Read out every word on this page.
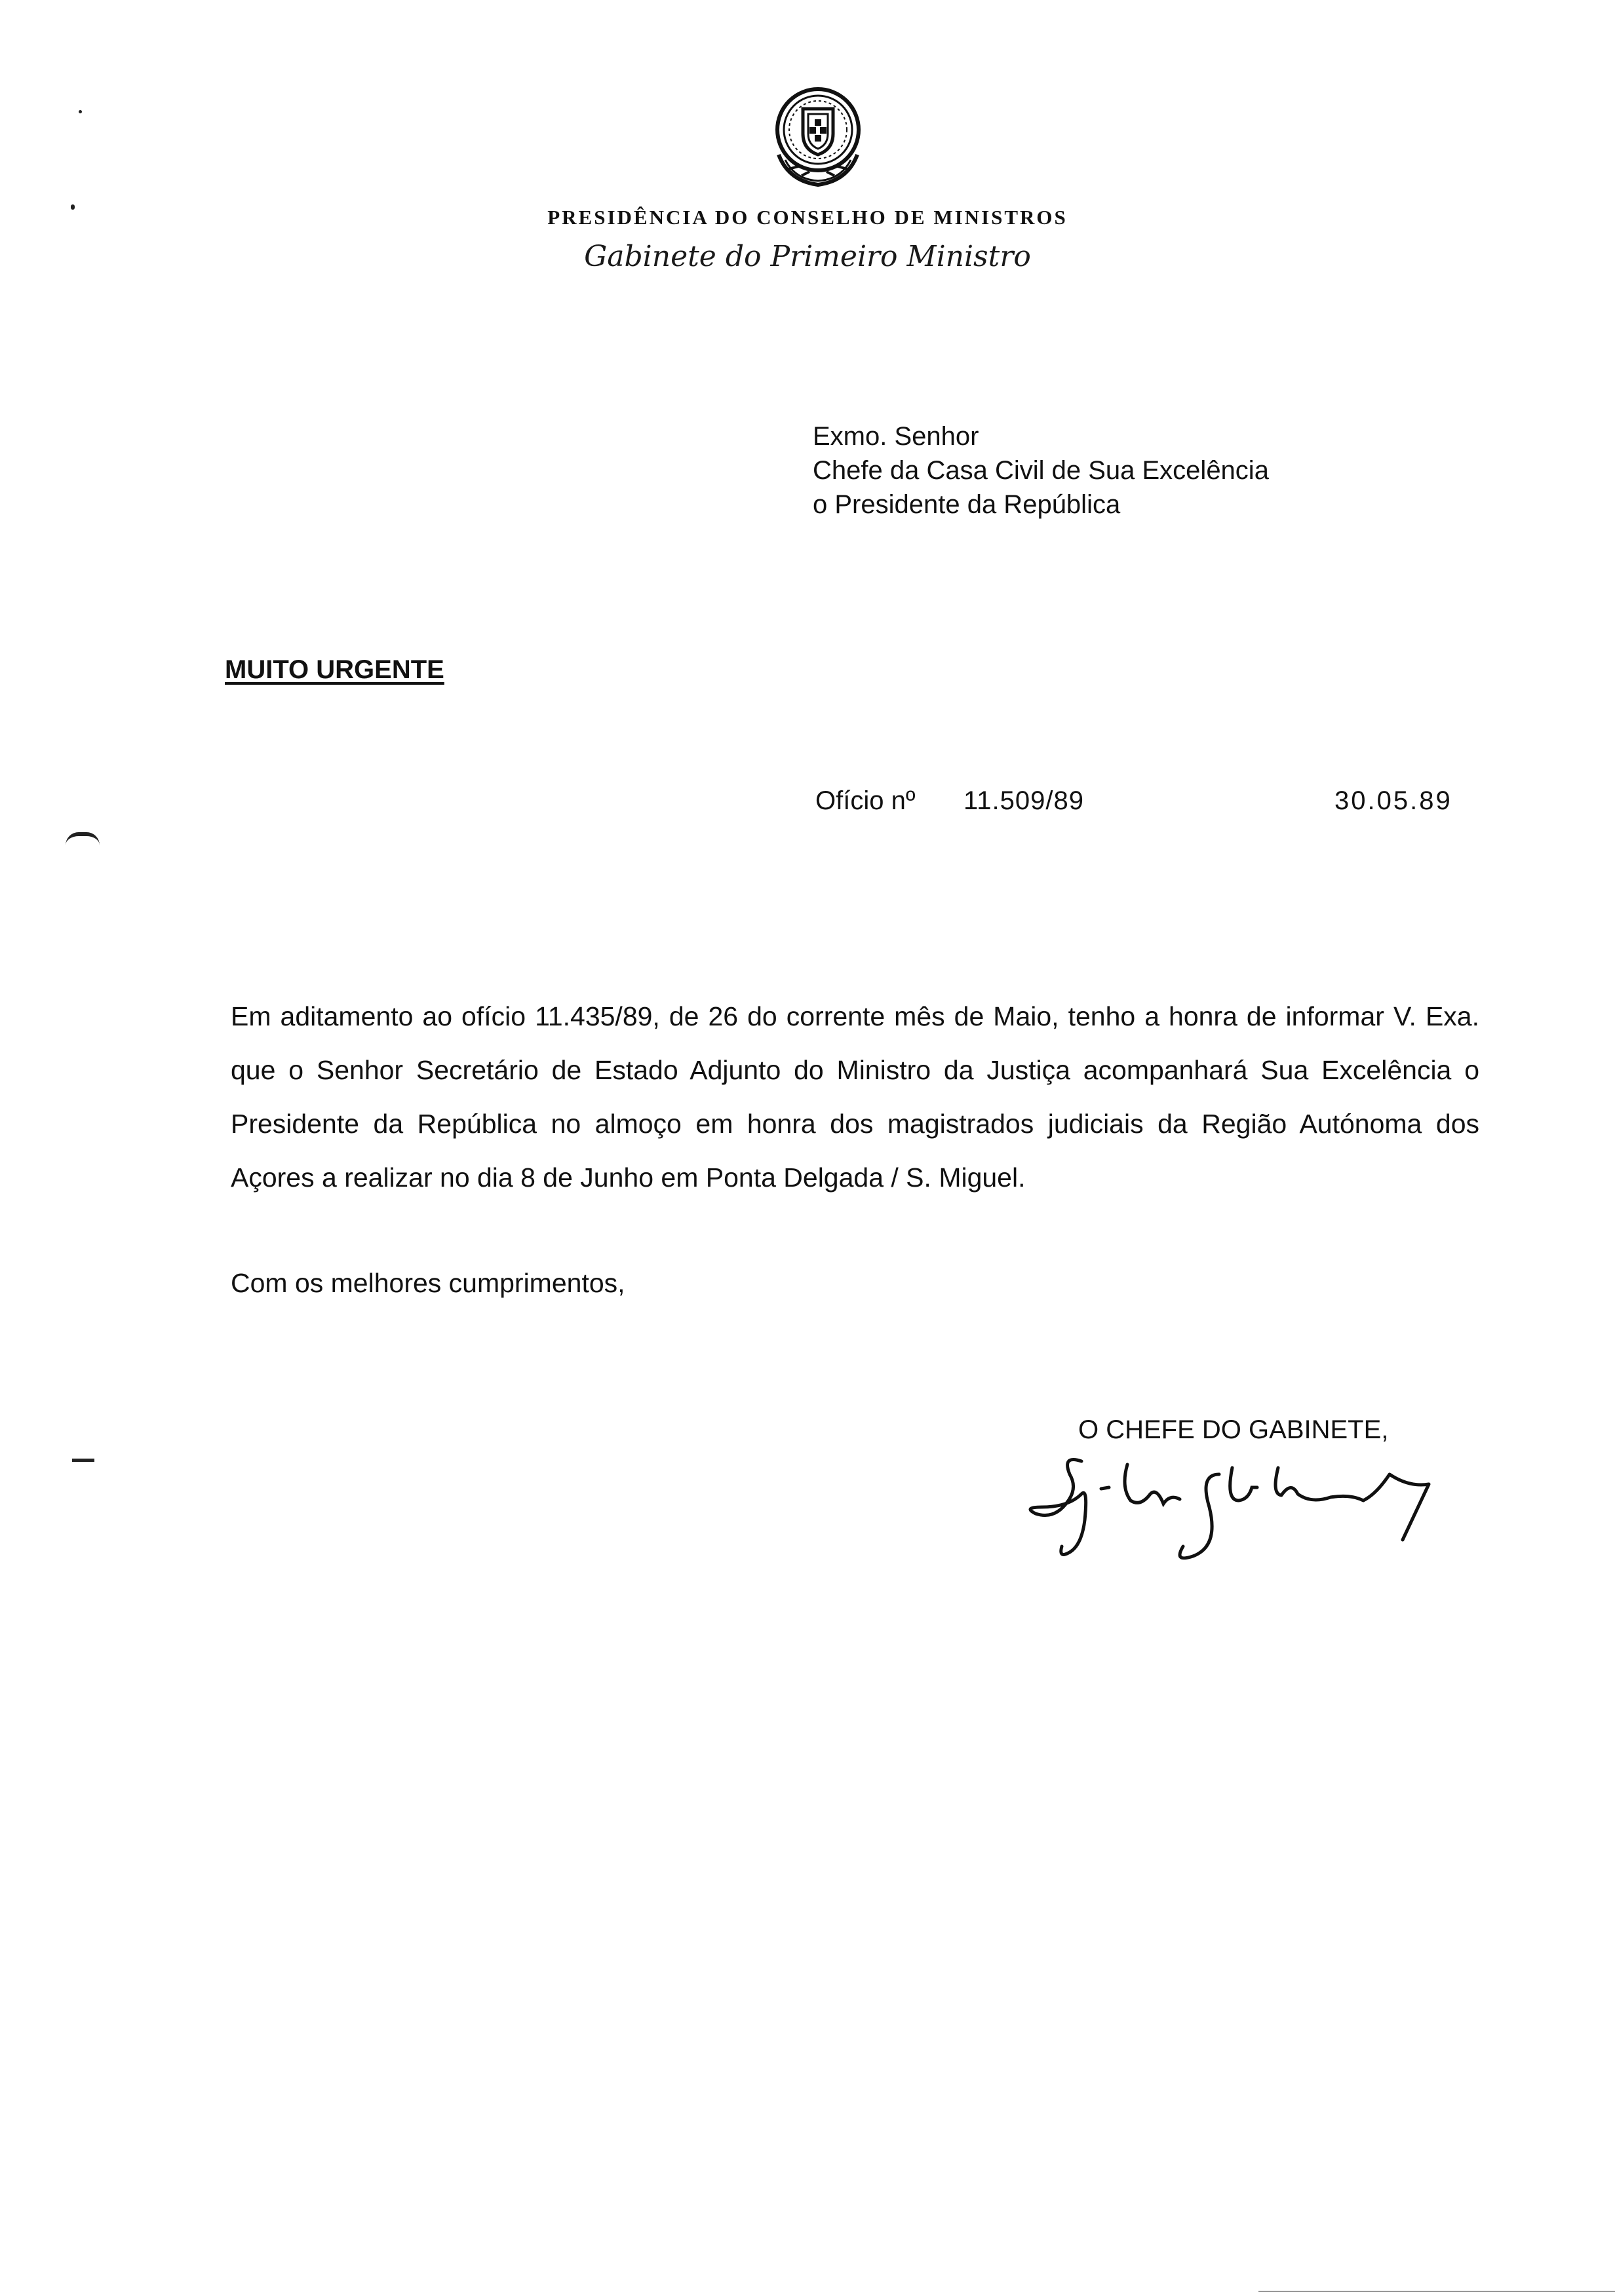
PRESIDÊNCIA DO CONSELHO DE MINISTROS
Gabinete do Primeiro Ministro
Exmo. Senhor
Chefe da Casa Civil de Sua Excelência
o Presidente da República
MUITO URGENTE
Ofício nº 11.509/89	30.05.89
Em aditamento ao ofício 11.435/89, de 26 do corrente mês de Maio, tenho a honra de informar V. Exa. que o Senhor Secretário de Estado Adjunto do Ministro da Justiça acompanhará Sua Excelência o Presidente da República no almoço em honra dos magistrados judiciais da Região Autónoma dos Açores a realizar no dia 8 de Junho em Ponta Delgada / S. Miguel.
Com os melhores cumprimentos,
O CHEFE DO GABINETE,
